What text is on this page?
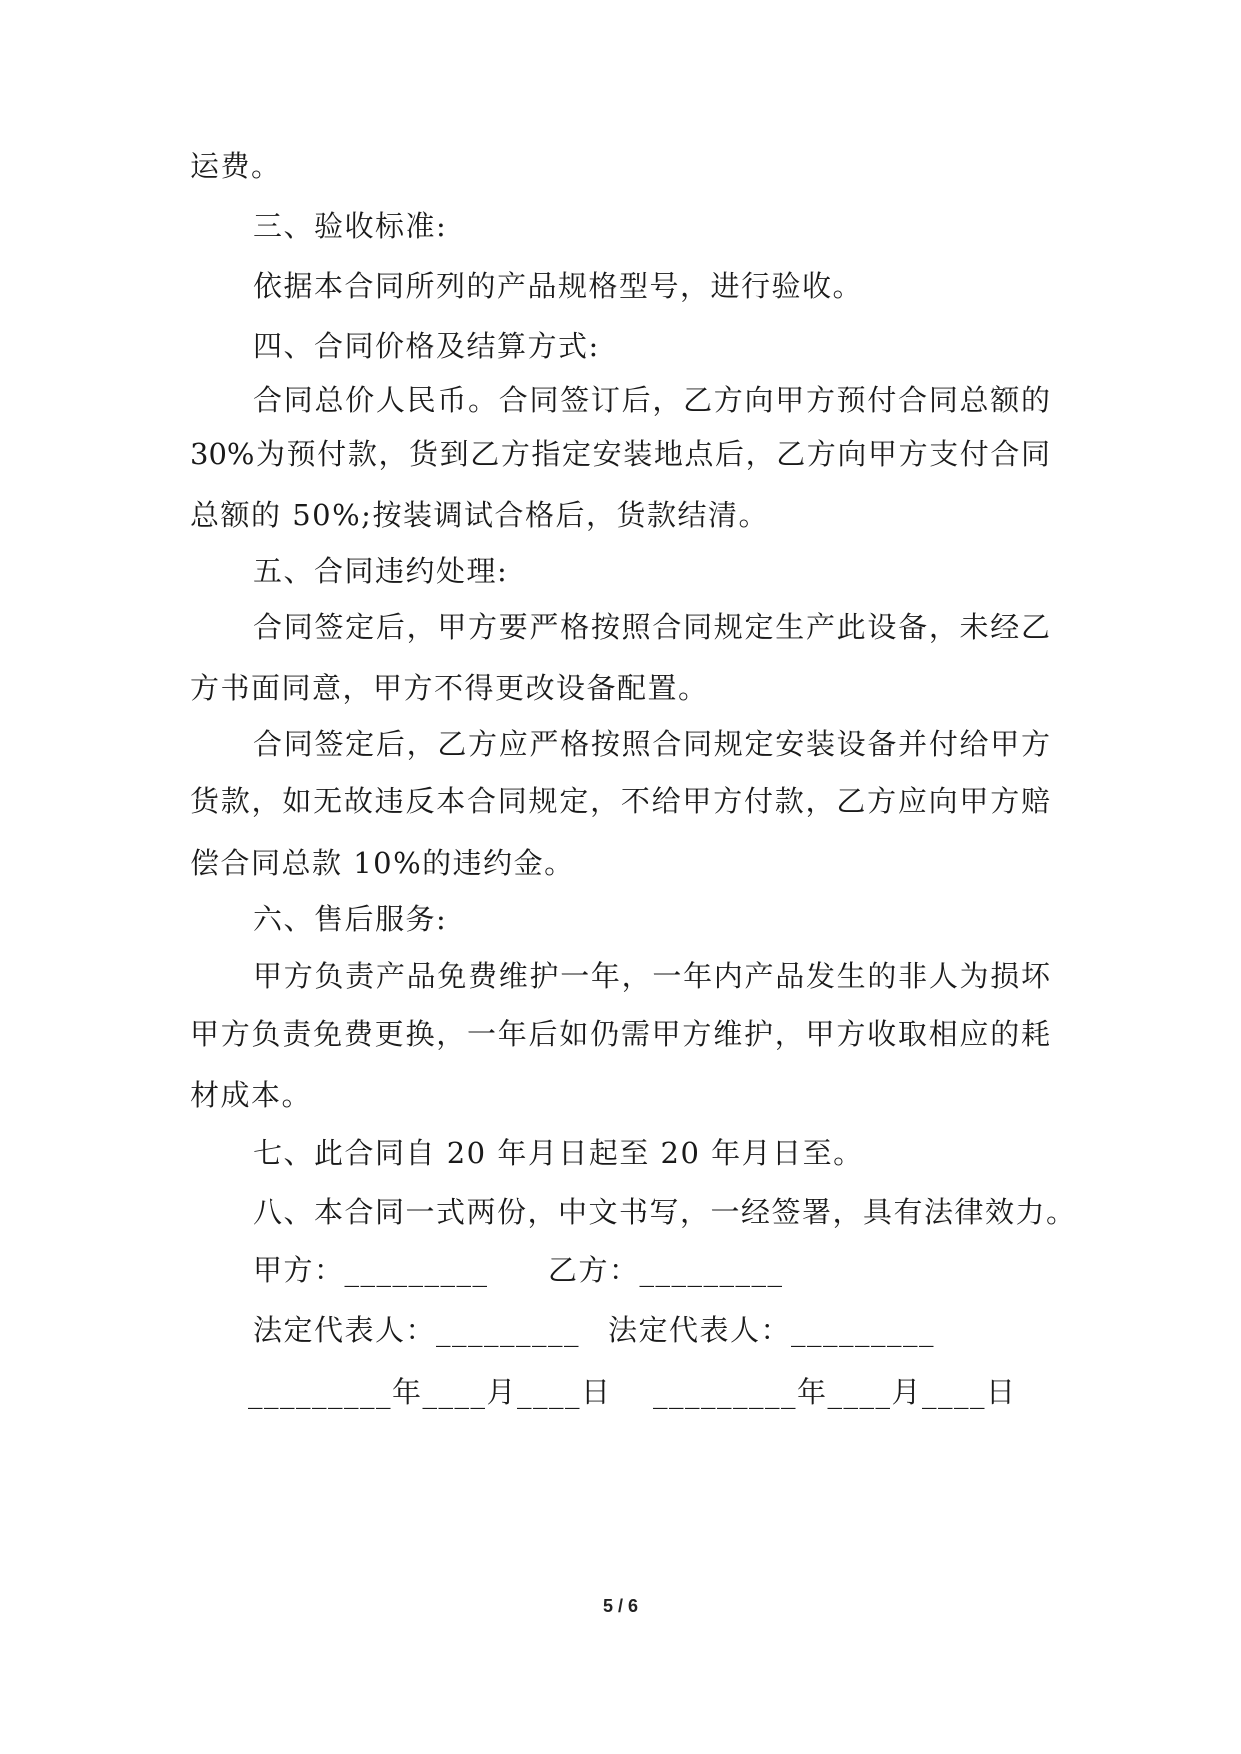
运费。
三、验收标准:
依据本合同所列的产品规格型号，进行验收。
四、合同价格及结算方式:
合同总价人民币。合同签订后，乙方向甲方预付合同总额的
30%为预付款，货到乙方指定安装地点后，乙方向甲方支付合同
总额的 50%;按装调试合格后，货款结清。
五、合同违约处理:
合同签定后，甲方要严格按照合同规定生产此设备，未经乙
方书面同意，甲方不得更改设备配置。
合同签定后，乙方应严格按照合同规定安装设备并付给甲方
货款，如无故违反本合同规定，不给甲方付款，乙方应向甲方赔
偿合同总款 10%的违约金。
六、售后服务:
甲方负责产品免费维护一年，一年内产品发生的非人为损坏
甲方负责免费更换，一年后如仍需甲方维护，甲方收取相应的耗
材成本。
七、此合同自 20 年月日起至 20 年月日至。
八、本合同一式两份，中文书写，一经签署，具有法律效力。
甲方：_________ 乙方：_________
法定代表人：_________ 法定代表人：_________
_________年____月____日 _________年____月____日
5 / 6
